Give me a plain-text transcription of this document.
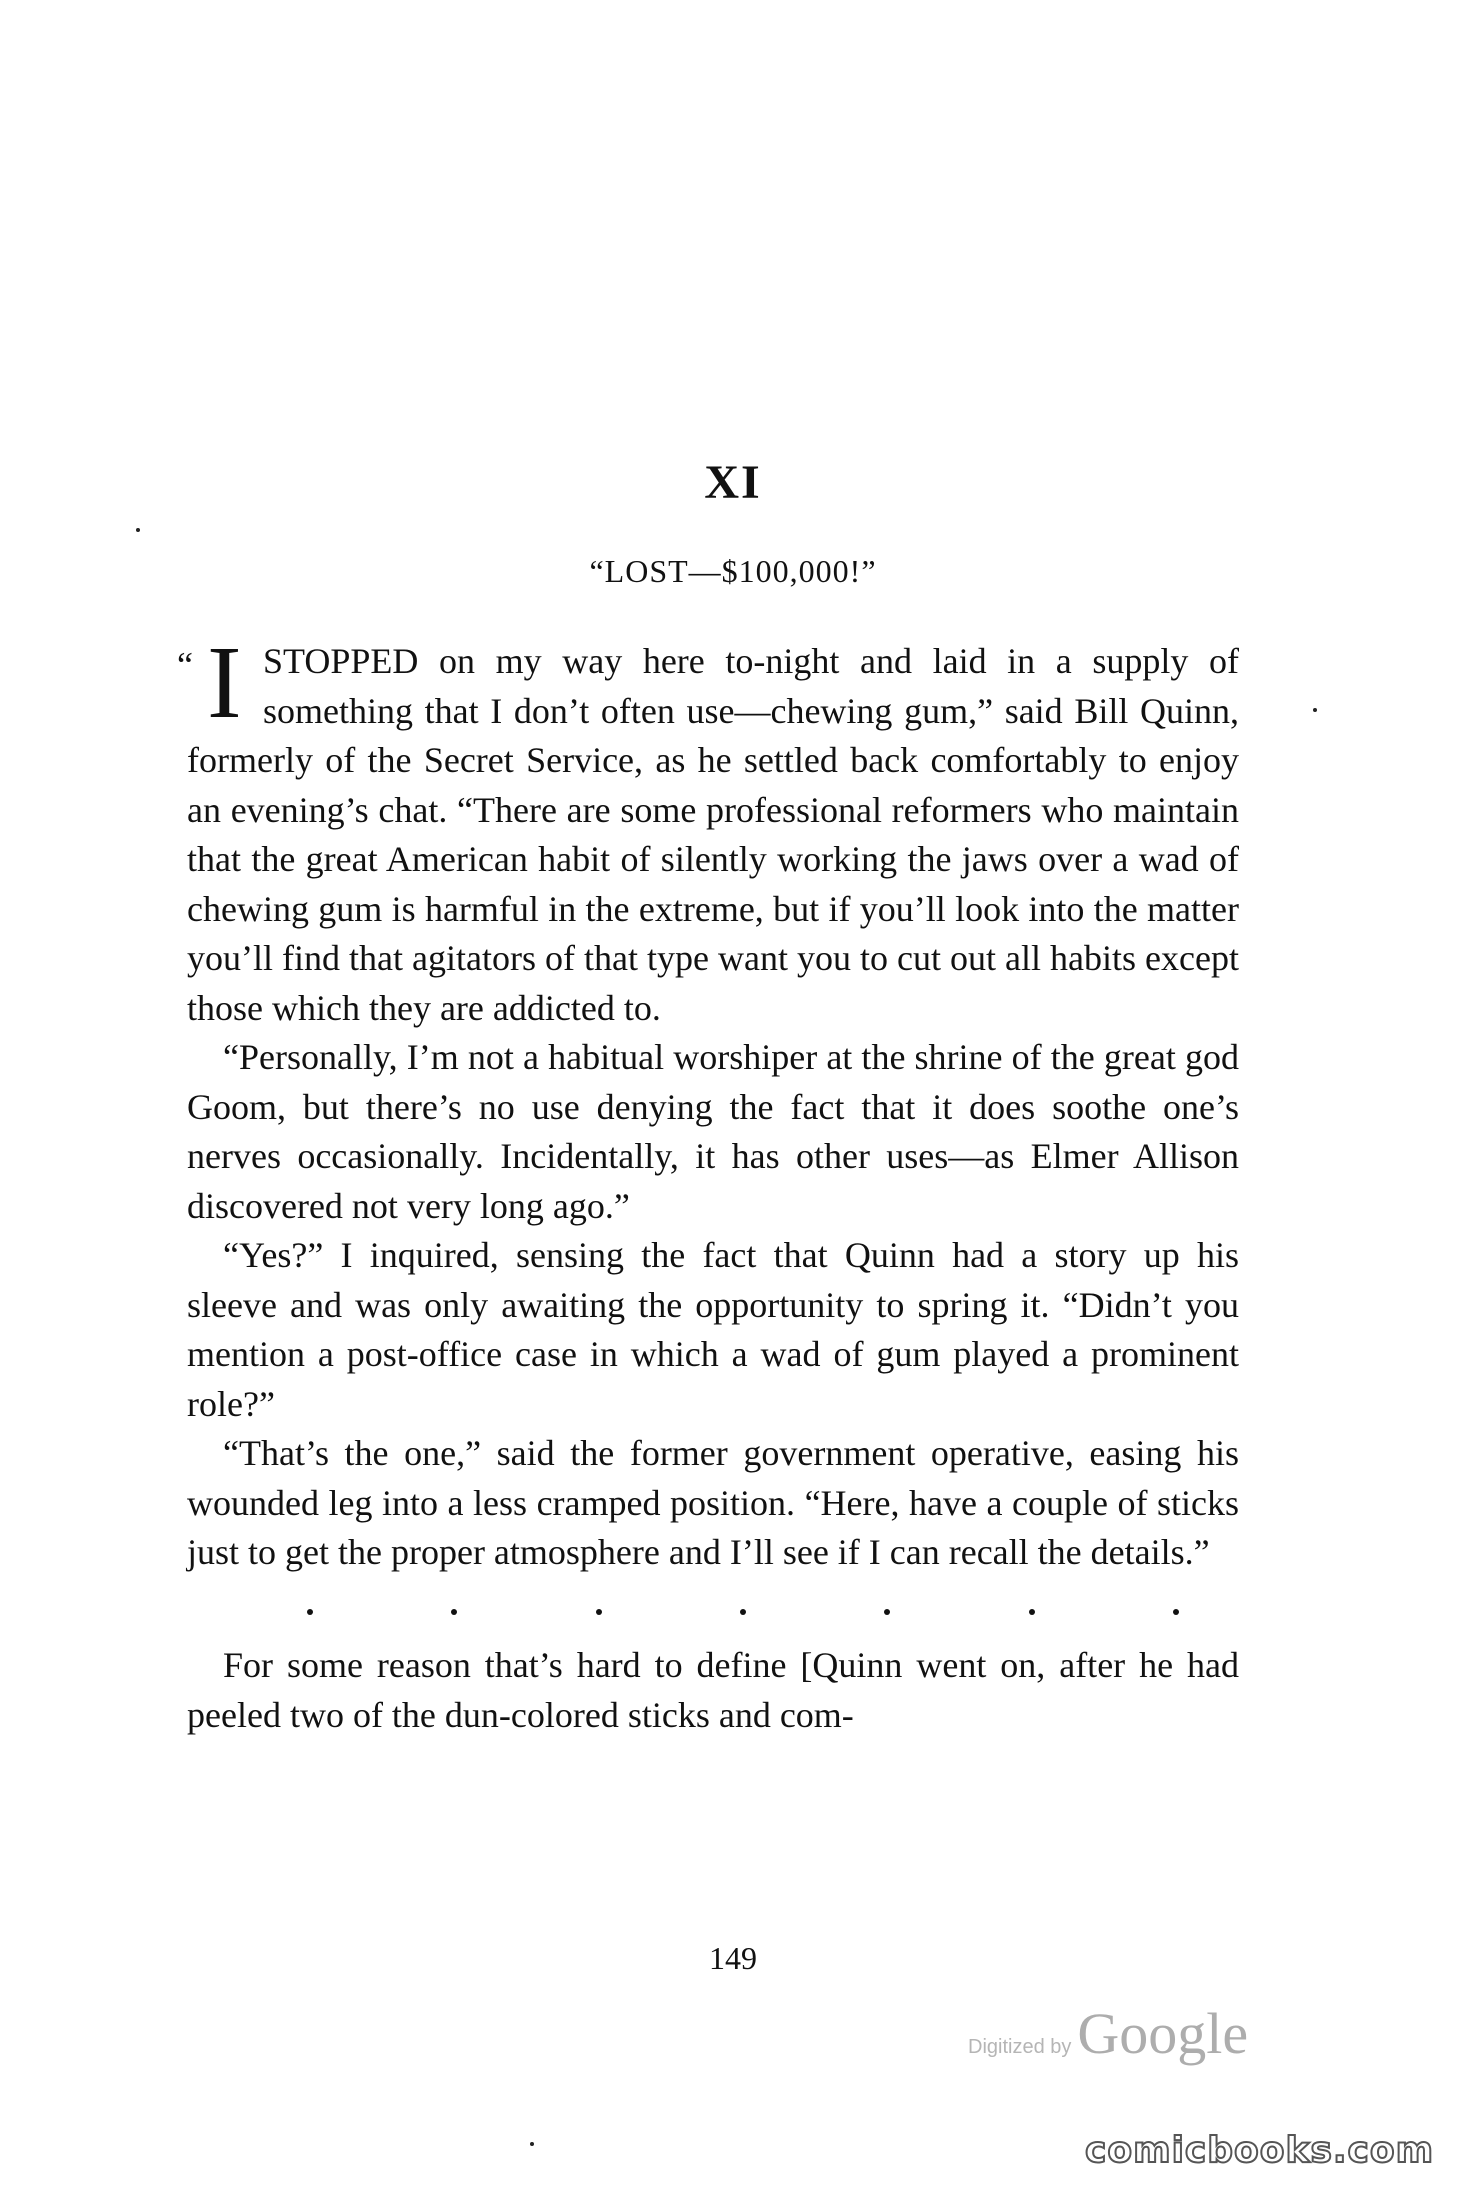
XI
“LOST—$100,000!”

“ I STOPPED on my way here to-night and laid in a supply of something that I don’t often use—chewing gum,” said Bill Quinn, formerly of the Secret Service, as he settled back comfortably to enjoy an evening’s chat. “There are some professional reformers who maintain that the great American habit of silently working the jaws over a wad of chewing gum is harmful in the extreme, but if you’ll look into the matter you’ll find that agitators of that type want you to cut out all habits except those which they are addicted to.

“Personally, I’m not a habitual worshiper at the shrine of the great god Goom, but there’s no use denying the fact that it does soothe one’s nerves occasionally. Incidentally, it has other uses—as Elmer Allison discovered not very long ago.”

“Yes?” I inquired, sensing the fact that Quinn had a story up his sleeve and was only awaiting the opportunity to spring it. “Didn’t you mention a post-office case in which a wad of gum played a prominent role?”

“That’s the one,” said the former government operative, easing his wounded leg into a less cramped position. “Here, have a couple of sticks just to get the proper atmosphere and I’ll see if I can recall the details.”

For some reason that’s hard to define [Quinn went on, after he had peeled two of the dun-colored sticks and com-

149
Digitized by Google
comicbooks.com
